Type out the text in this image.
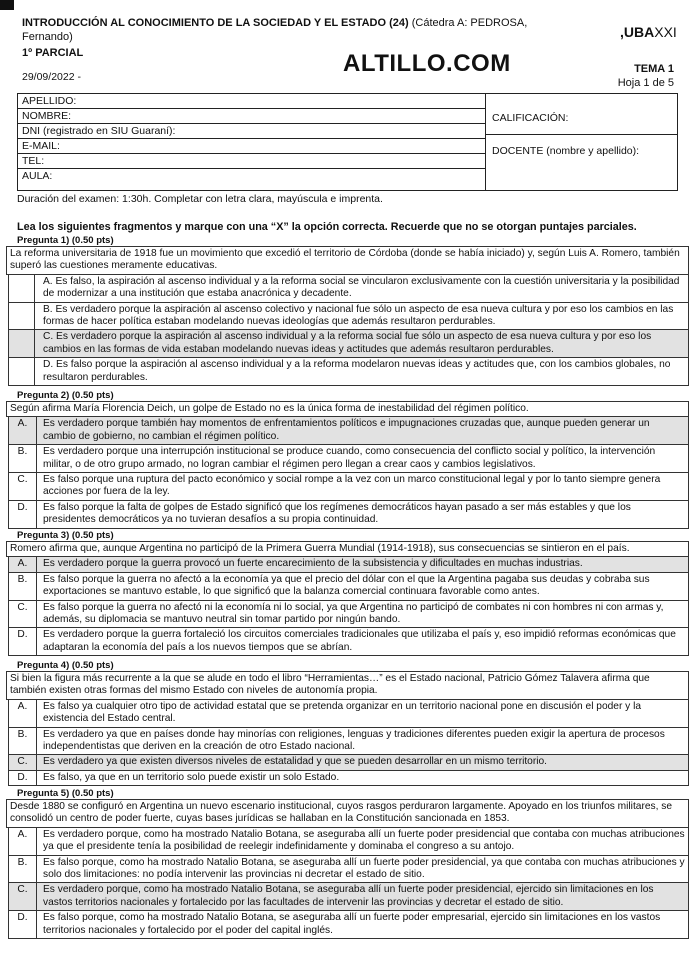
INTRODUCCIÓN AL CONOCIMIENTO DE LA SOCIEDAD Y EL ESTADO (24) (Cátedra A: PEDROSA, Fernando)
1º PARCIAL
29/09/2022 -	ALTILLO.COM
,UBAXXI
TEMA 1
Hoja 1 de 5
APELLIDO:
NOMBRE:
DNI (registrado en SIU Guaraní):
E-MAIL:
TEL:
AULA:
CALIFICACIÓN:
DOCENTE (nombre y apellido):
Duración del examen: 1:30h. Completar con letra clara, mayúscula e imprenta.
Lea los siguientes fragmentos y marque con una “X” la opción correcta. Recuerde que no se otorgan puntajes parciales.
Pregunta 1) (0.50 pts)
La reforma universitaria de 1918 fue un movimiento que excedió el territorio de Córdoba (donde se había iniciado) y, según Luis A. Romero, también superó las cuestiones meramente educativas.
A. Es falso, la aspiración al ascenso individual y a la reforma social se vincularon exclusivamente con la cuestión universitaria y la posibilidad de modernizar a una institución que estaba anacrónica y decadente.
B. Es verdadero porque la aspiración al ascenso colectivo y nacional fue sólo un aspecto de esa nueva cultura y por eso los cambios en las formas de hacer política estaban modelando nuevas ideologías que además resultaron perdurables.
C. Es verdadero porque la aspiración al ascenso individual y a la reforma social fue sólo un aspecto de esa nueva cultura y por eso los cambios en las formas de vida estaban modelando nuevas ideas y actitudes que además resultaron perdurables.
D. Es falso porque la aspiración al ascenso individual y a la reforma modelaron nuevas ideas y actitudes que, con los cambios globales, no resultaron perdurables.
Pregunta 2) (0.50 pts)
Según afirma María Florencia Deich, un golpe de Estado no es la única forma de inestabilidad del régimen político.
A.	Es verdadero porque también hay momentos de enfrentamientos políticos e impugnaciones cruzadas que, aunque pueden generar un cambio de gobierno, no cambian el régimen político.
B.	Es verdadero porque una interrupción institucional se produce cuando, como consecuencia del conflicto social y político, la intervención militar, o de otro grupo armado, no logran cambiar el régimen pero llegan a crear caos y cambios legislativos.
C.	Es falso porque una ruptura del pacto económico y social rompe a la vez con un marco constitucional legal y por lo tanto siempre genera acciones por fuera de la ley.
D.	Es falso porque la falta de golpes de Estado significó que los regímenes democráticos hayan pasado a ser más estables y que los presidentes democráticos ya no tuvieran desafíos a su propia continuidad.
Pregunta 3) (0.50 pts)
Romero afirma que, aunque Argentina no participó de la Primera Guerra Mundial (1914-1918), sus consecuencias se sintieron en el país.
A.	Es verdadero porque la guerra provocó un fuerte encarecimiento de la subsistencia y dificultades en muchas industrias.
B.	Es falso porque la guerra no afectó a la economía ya que el precio del dólar con el que la Argentina pagaba sus deudas y cobraba sus exportaciones se mantuvo estable, lo que significó que la balanza comercial continuara favorable como antes.
C.	Es falso porque la guerra no afectó ni la economía ni lo social, ya que Argentina no participó de combates ni con hombres ni con armas y, además, su diplomacia se mantuvo neutral sin tomar partido por ningún bando.
D.	Es verdadero porque la guerra fortaleció los circuitos comerciales tradicionales que utilizaba el país y, eso impidió reformas económicas que adaptaran la economía del país a los nuevos tiempos que se abrían.
Pregunta 4) (0.50 pts)
Si bien la figura más recurrente a la que se alude en todo el libro “Herramientas…” es el Estado nacional, Patricio Gómez Talavera afirma que también existen otras formas del mismo Estado con niveles de autonomía propia.
A.	Es falso ya cualquier otro tipo de actividad estatal que se pretenda organizar en un territorio nacional pone en discusión el poder y la existencia del Estado central.
B.	Es verdadero ya que en países donde hay minorías con religiones, lenguas y tradiciones diferentes pueden exigir la apertura de procesos independentistas que deriven en la creación de otro Estado nacional.
C.	Es verdadero ya que existen diversos niveles de estatalidad y que se pueden desarrollar en un mismo territorio.
D.	Es falso, ya que en un territorio solo puede existir un solo Estado.
Pregunta 5) (0.50 pts)
Desde 1880 se configuró en Argentina un nuevo escenario institucional, cuyos rasgos perduraron largamente. Apoyado en los triunfos militares, se consolidó un centro de poder fuerte, cuyas bases jurídicas se hallaban en la Constitución sancionada en 1853.
A.	Es verdadero porque, como ha mostrado Natalio Botana, se aseguraba allí un fuerte poder presidencial que contaba con muchas atribuciones ya que el presidente tenía la posibilidad de reelegir indefinidamente y dominaba el congreso a su antojo.
B.	Es falso porque, como ha mostrado Natalio Botana, se aseguraba allí un fuerte poder presidencial, ya que contaba con muchas atribuciones y solo dos limitaciones: no podía intervenir las provincias ni decretar el estado de sitio.
C.	Es verdadero porque, como ha mostrado Natalio Botana, se aseguraba allí un fuerte poder presidencial, ejercido sin limitaciones en los vastos territorios nacionales y fortalecido por las facultades de intervenir las provincias y decretar el estado de sitio.
D.	Es falso porque, como ha mostrado Natalio Botana, se aseguraba allí un fuerte poder empresarial, ejercido sin limitaciones en los vastos territorios nacionales y fortalecido por el poder del capital inglés.
